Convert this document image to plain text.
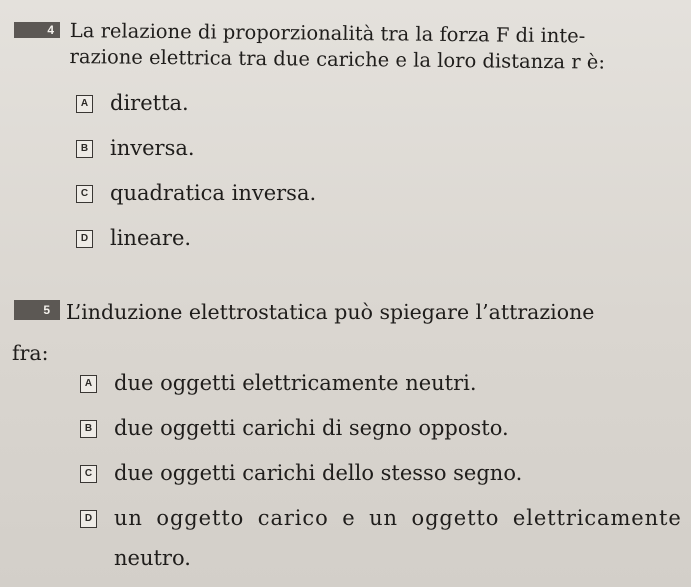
4 La relazione di proporzionalità tra la forza F di inte-
razione elettrica tra due cariche e la loro distanza r è:
A diretta.
B inversa.
C quadratica inversa.
D lineare.
5 L’induzione elettrostatica può spiegare l’attrazione
fra:
A due oggetti elettricamente neutri.
B due oggetti carichi di segno opposto.
C due oggetti carichi dello stesso segno.
D un oggetto carico e un oggetto elettricamente
neutro.
